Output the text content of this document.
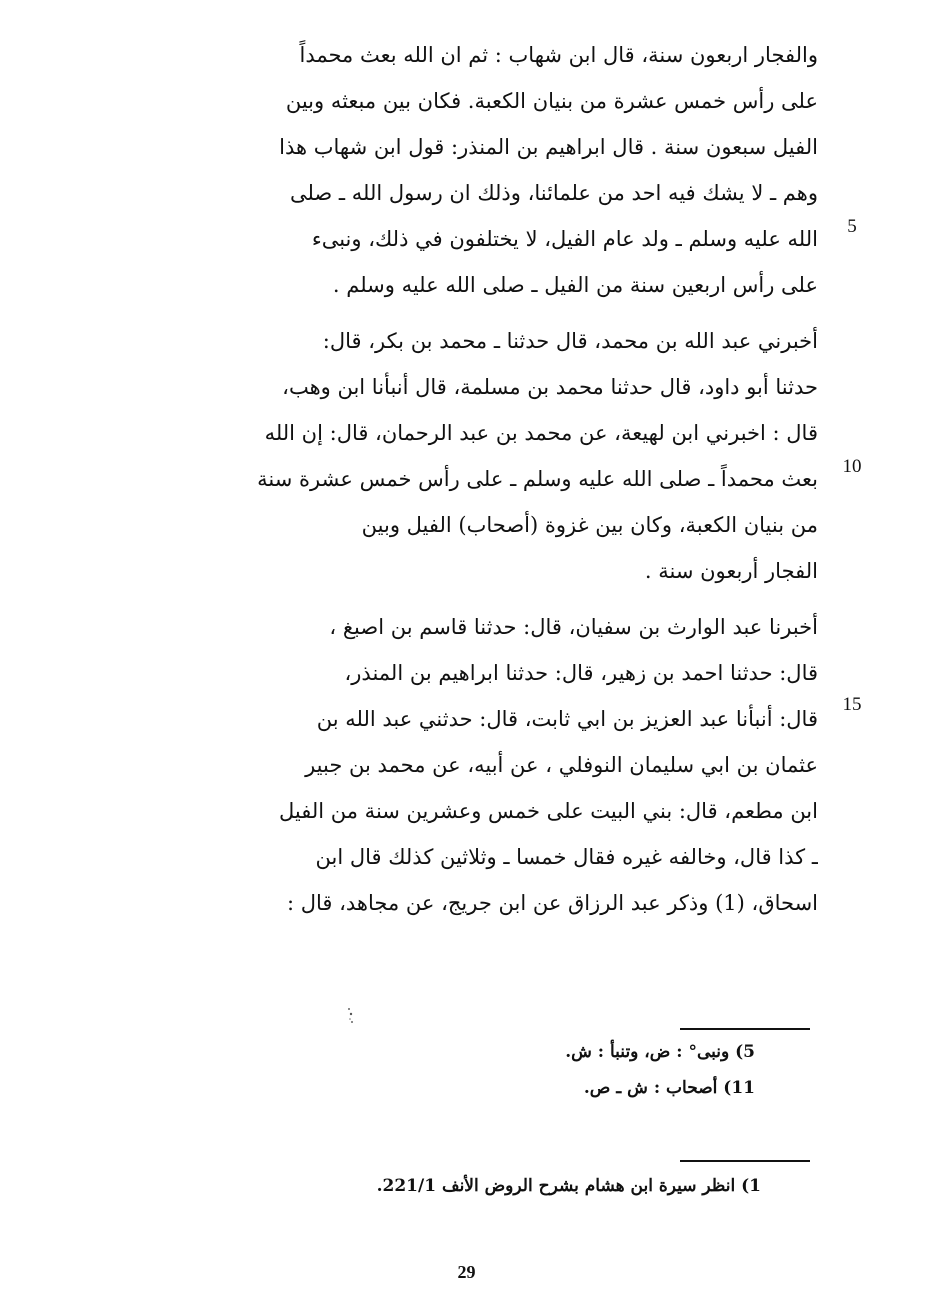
والفجار اربعون سنة، قال ابن شهاب : ثم ان الله بعث محمداً
على رأس خمس عشرة من بنيان الكعبة. فكان بين مبعثه وبين
الفيل سبعون سنة . قال ابراهيم بن المنذر: قول ابن شهاب هذا
وهم ـ لا يشك فيه احد من علمائنا، وذلك ان رسول الله ـ صلى
الله عليه وسلم ـ ولد عام الفيل، لا يختلفون في ذلك، ونبىء
على رأس اربعين سنة من الفيل ـ صلى الله عليه وسلم .
أخبرني عبد الله بن محمد، قال حدثنا ـ محمد بن بكر، قال:
حدثنا أبو داود، قال حدثنا محمد بن مسلمة، قال أنبأنا ابن وهب،
قال : اخبرني ابن لهيعة، عن محمد بن عبد الرحمان، قال: إن الله
بعث محمداً ـ صلى الله عليه وسلم ـ على رأس خمس عشرة سنة
من بنيان الكعبة، وكان بين غزوة (أصحاب) الفيل وبين
الفجار أربعون سنة .
أخبرنا عبد الوارث بن سفيان، قال: حدثنا قاسم بن اصبغ ،
قال: حدثنا احمد بن زهير، قال: حدثنا ابراهيم بن المنذر،
قال: أنبأنا عبد العزيز بن ابي ثابت، قال: حدثني عبد الله بن
عثمان بن ابي سليمان النوفلي ، عن أبيه، عن محمد بن جبير
ابن مطعم، قال: بني البيت على خمس وعشرين سنة من الفيل
ـ كذا قال، وخالفه غيره فقال خمسا ـ وثلاثين كذلك قال ابن
اسحاق، (1) وذكر عبد الرزاق عن ابن جريج، عن مجاهد، قال :
5
10
15
5) ونبى° : ض، وتنبأ : ش.
11) أصحاب : ش ـ ص.
1) انظر سيرة ابن هشام بشرح الروض الأنف 221/1.
29
